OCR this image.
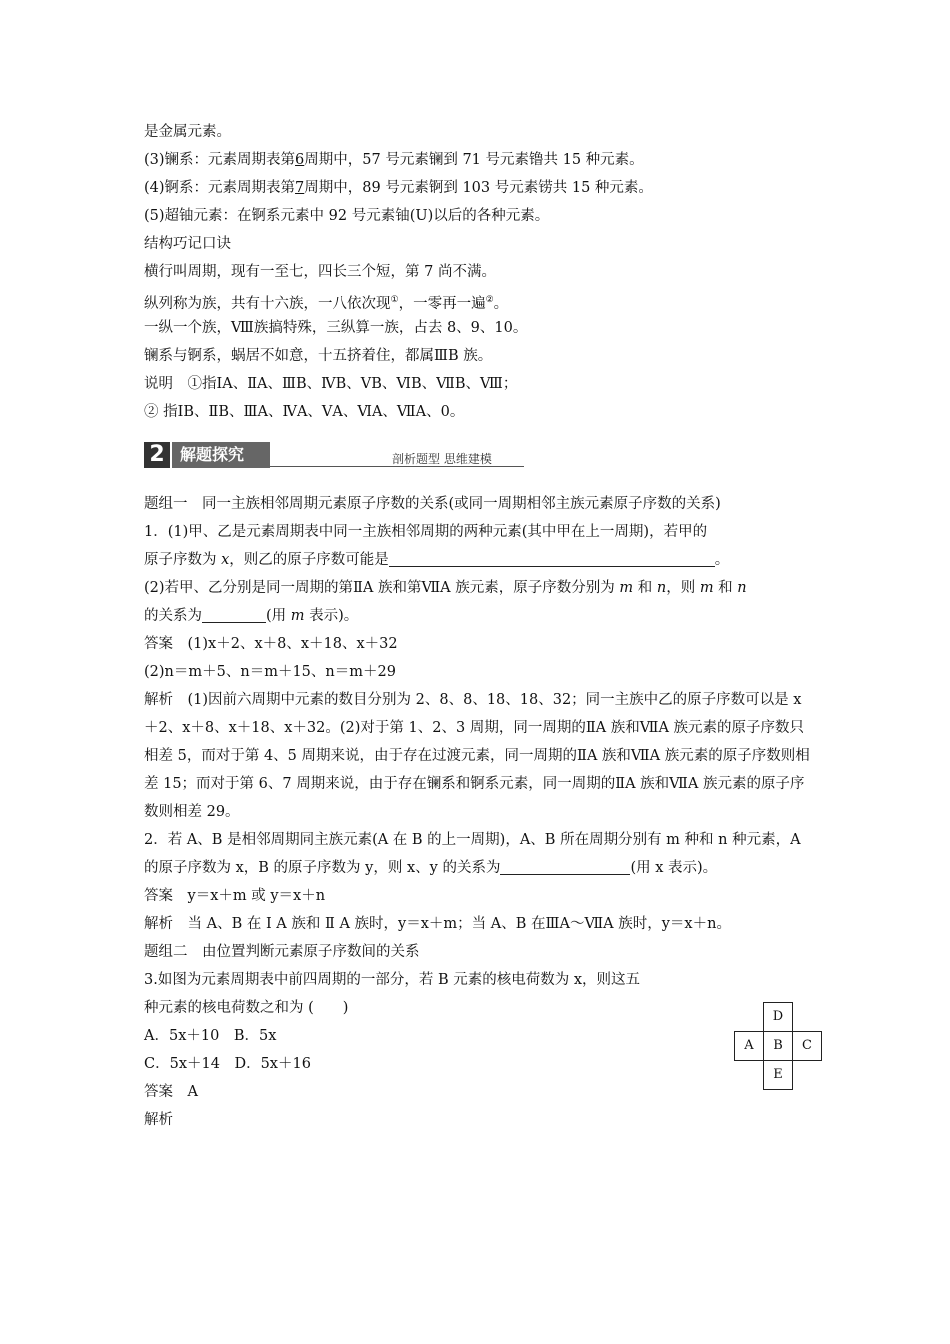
是金属元素。
(3)镧系：元素周期表第6周期中，57 号元素镧到 71 号元素镥共 15 种元素。
(4)锕系：元素周期表第7周期中，89 号元素锕到 103 号元素铹共 15 种元素。
(5)超铀元素：在锕系元素中 92 号元素铀(U)以后的各种元素。
结构巧记口诀
横行叫周期，现有一至七，四长三个短，第 7 尚不满。
纵列称为族，共有十六族，一八依次现①，一零再一遍②。
一纵一个族，Ⅷ族搞特殊，三纵算一族，占去 8、9、10。
镧系与锕系，蜗居不如意，十五挤着住，都属ⅢB 族。
说明　①指ⅠA、ⅡA、ⅢB、ⅣB、ⅤB、ⅥB、ⅦB、Ⅷ；
② 指ⅠB、ⅡB、ⅢA、ⅣA、ⅤA、ⅥA、ⅦA、0。
2 解题探究	剖析题型 思维建模
题组一　同一主族相邻周期元素原子序数的关系(或同一周期相邻主族元素原子序数的关系)
1．(1)甲、乙是元素周期表中同一主族相邻周期的两种元素(其中甲在上一周期)，若甲的
原子序数为 x，则乙的原子序数可能是	。
(2)若甲、乙分别是同一周期的第ⅡA 族和第ⅦA 族元素，原子序数分别为 m 和 n，则 m 和 n
的关系为	(用 m 表示)。
答案　(1)x＋2、x＋8、x＋18、x＋32
(2)n＝m＋5、n＝m＋15、n＝m＋29
解析　(1)因前六周期中元素的数目分别为 2、8、8、18、18、32；同一主族中乙的原子序数可以是 x＋2、x＋8、x＋18、x＋32。(2)对于第 1、2、3 周期，同一周期的ⅡA 族和ⅦA 族元素的原子序数只相差 5，而对于第 4、5 周期来说，由于存在过渡元素，同一周期的ⅡA 族和ⅦA 族元素的原子序数则相差 15；而对于第 6、7 周期来说，由于存在镧系和锕系元素，同一周期的ⅡA 族和ⅦA 族元素的原子序数则相差 29。
2．若 A、B 是相邻周期同主族元素(A 在 B 的上一周期)，A、B 所在周期分别有 m 种和 n 种元素，A 的原子序数为 x，B 的原子序数为 y，则 x、y 的关系为	(用 x 表示)。
答案　y＝x＋m 或 y＝x＋n
解析　当 A、B 在 Ⅰ A 族和 Ⅱ A 族时，y＝x＋m；当 A、B 在ⅢA～ⅦA 族时，y＝x＋n。
题组二　由位置判断元素原子序数间的关系
3.如图为元素周期表中前四周期的一部分，若 B 元素的核电荷数为 x，则这五
种元素的核电荷数之和为 (　　)
A．5x＋10　B．5x
C．5x＋14　D．5x＋16
答案　A
解析
D
A	B	C
E
